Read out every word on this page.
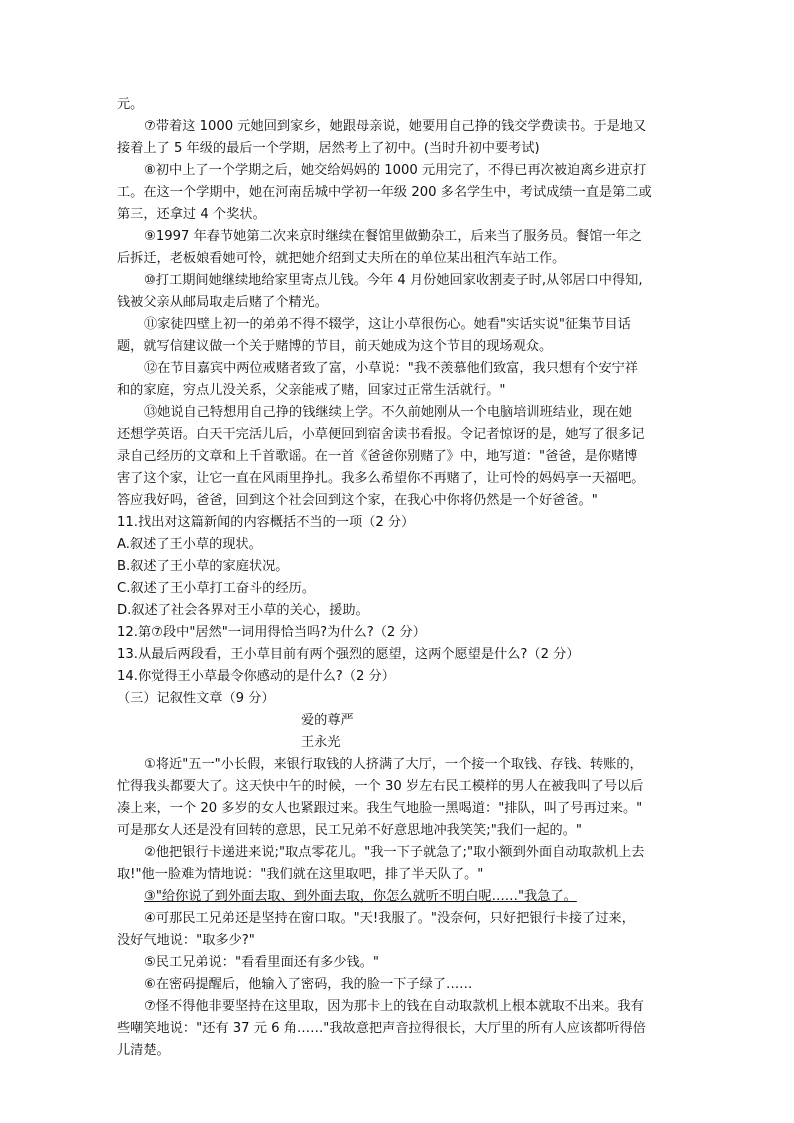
元。
⑦带着这 1000 元她回到家乡，她跟母亲说，她要用自己挣的钱交学费读书。于是地又
接着上了 5 年级的最后一个学期，居然考上了初中。(当时升初中要考试)
⑧初中上了一个学期之后，她交给妈妈的 1000 元用完了，不得已再次被迫离乡进京打
工。在这一个学期中，她在河南岳城中学初一年级 200 多名学生中，考试成绩一直是第二或
第三，还拿过 4 个奖状。
⑨1997 年春节她第二次来京时继续在餐馆里做勤杂工，后来当了服务员。餐馆一年之
后拆迁，老板娘看她可怜，就把她介绍到丈夫所在的单位某出租汽车站工作。
⑩打工期间她继续地给家里寄点儿钱。今年 4 月份她回家收割麦子时,从邻居口中得知,
钱被父亲从邮局取走后赌了个精光。
⑪家徒四壁上初一的弟弟不得不辍学，这让小草很伤心。她看"实话实说"征集节目话
题，就写信建议做一个关于赌博的节目，前天她成为这个节目的现场观众。
⑫在节目嘉宾中两位戒赌者致了富，小草说："我不羡慕他们致富，我只想有个安宁祥
和的家庭，穷点儿没关系，父亲能戒了赌，回家过正常生活就行。"
⑬她说自己特想用自己挣的钱继续上学。不久前她刚从一个电脑培训班结业，现在她
还想学英语。白天干完活儿后，小草便回到宿舍读书看报。令记者惊讶的是，她写了很多记
录自己经历的文章和上千首歌谣。在一首《爸爸你别赌了》中，地写道："爸爸，是你赌博
害了这个家，让它一直在风雨里挣扎。我多么希望你不再赌了，让可怜的妈妈享一天福吧。
答应我好吗，爸爸，回到这个社会回到这个家，在我心中你将仍然是一个好爸爸。"
11.找出对这篇新闻的内容概括不当的一项（2 分）
A.叙述了王小草的现状。
B.叙述了王小草的家庭状况。
C.叙述了王小草打工奋斗的经历。
D.叙述了社会各界对王小草的关心，援助。
12.第⑦段中"居然"一词用得恰当吗?为什么?（2 分）
13.从最后两段看，王小草目前有两个强烈的愿望，这两个愿望是什么?（2 分）
14.你觉得王小草最令你感动的是什么?（2 分）
（三）记叙性文章（9 分）
爱的尊严
王永光
①将近"五一"小长假，来银行取钱的人挤满了大厅，一个接一个取钱、存钱、转账的，
忙得我头都要大了。这天快中午的时候，一个 30 岁左右民工模样的男人在被我叫了号以后
凑上来，一个 20 多岁的女人也紧跟过来。我生气地脸一黑喝道："排队，叫了号再过来。"
可是那女人还是没有回转的意思，民工兄弟不好意思地冲我笑笑;"我们一起的。"
②他把银行卡递进来说;"取点零花儿。"我一下子就急了;"取小额到外面自动取款机上去
取!"他一脸难为情地说："我们就在这里取吧，排了半天队了。"
③"给你说了到外面去取、到外面去取，你怎么就听不明白呢……"我急了。
④可那民工兄弟还是坚持在窗口取。"天!我服了。"没奈何，只好把银行卡接了过来，
没好气地说："取多少?"
⑤民工兄弟说："看看里面还有多少钱。"
⑥在密码提醒后，他输入了密码，我的脸一下子绿了……
⑦怪不得他非要坚持在这里取，因为那卡上的钱在自动取款机上根本就取不出来。我有
些嘲笑地说："还有 37 元 6 角……"我故意把声音拉得很长，大厅里的所有人应该都听得倍
儿清楚。
